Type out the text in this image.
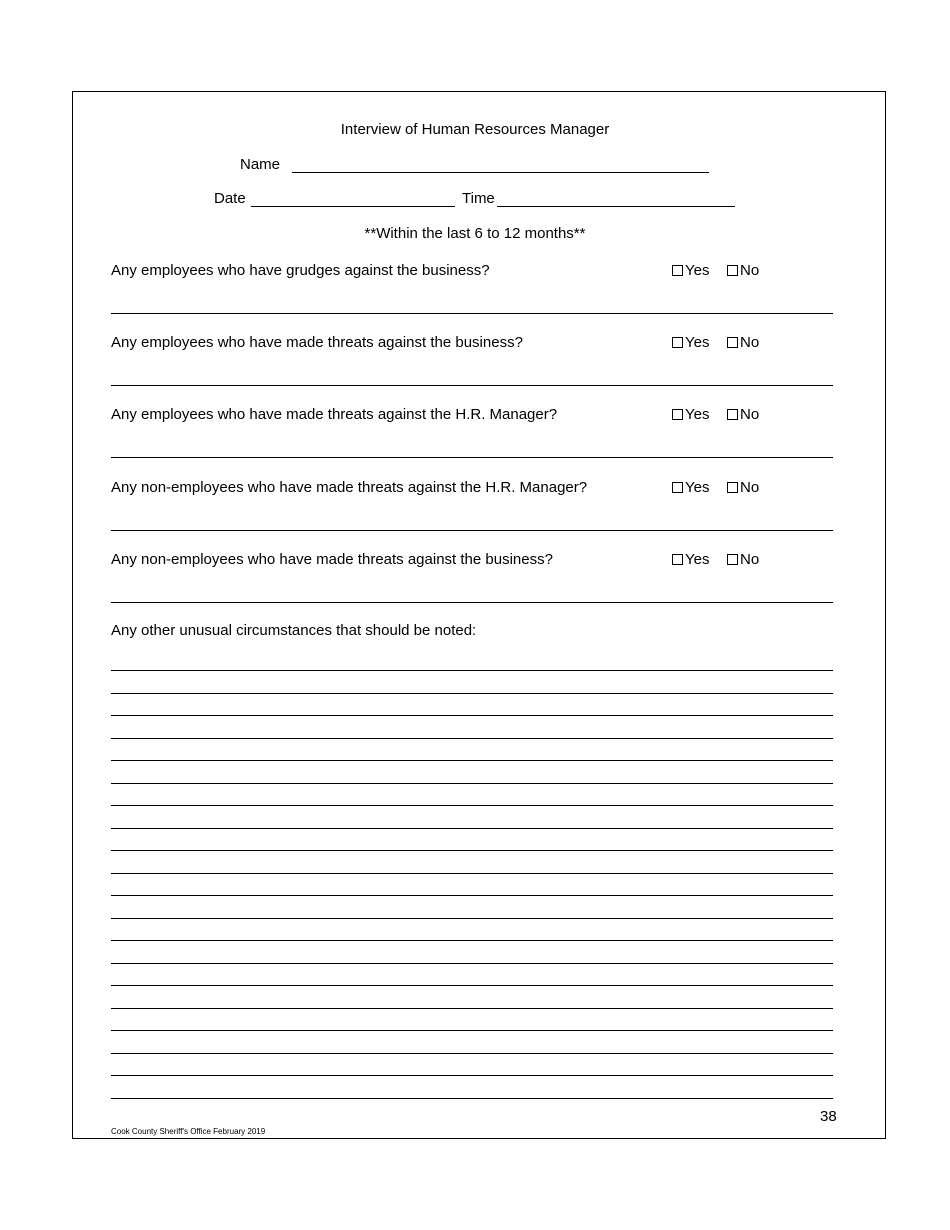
Interview of Human Resources Manager
Name
Date	Time
**Within the last 6 to 12 months**
Any employees who have grudges against the business?	Yes	No
Any employees who have made threats against the business?	Yes	No
Any employees who have made threats against the H.R. Manager?	Yes	No
Any non-employees who have made threats against the H.R. Manager?	Yes	No
Any non-employees who have made threats against the business?	Yes	No
Any other unusual circumstances that should be noted:
38
Cook County Sheriff's Office February 2019
